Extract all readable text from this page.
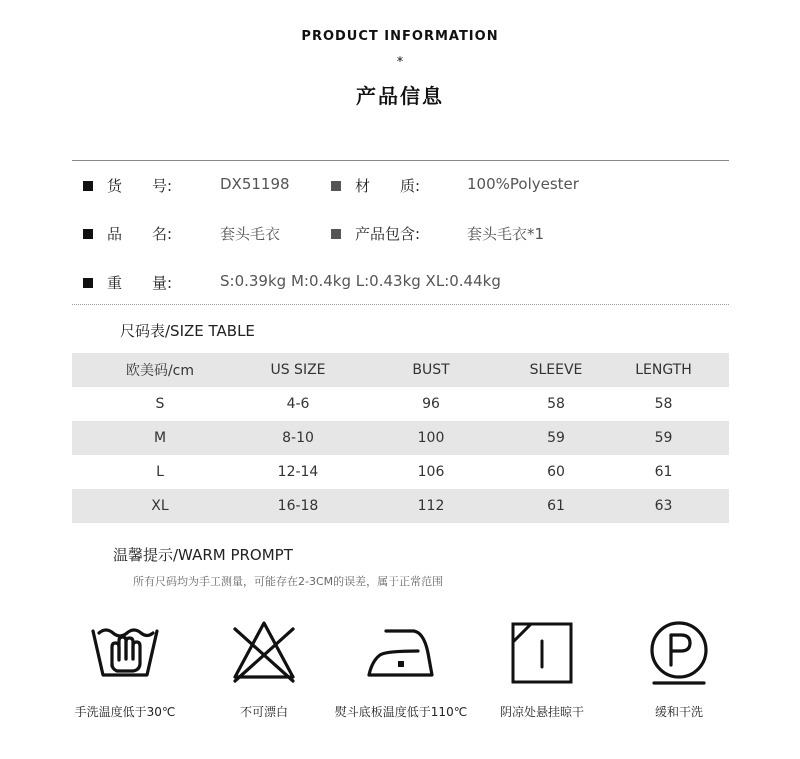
PRODUCT INFORMATION
*
产品信息
货　　号:	DX51198	材　　质:	100%Polyester
品　　名:	套头毛衣	产品包含:	套头毛衣*1
重　　量:	S:0.39kg M:0.4kg L:0.43kg XL:0.44kg
尺码表/SIZE TABLE
欧美码/cm	US SIZE	BUST	SLEEVE	LENGTH
S	4-6	96	58	58
M	8-10	100	59	59
L	12-14	106	60	61
XL	16-18	112	61	63
温馨提示/WARM PROMPT
所有尺码均为手工测量，可能存在2-3CM的误差，属于正常范围
手洗温度低于30℃	不可漂白	熨斗底板温度低于110℃	阴凉处悬挂晾干	缓和干洗
